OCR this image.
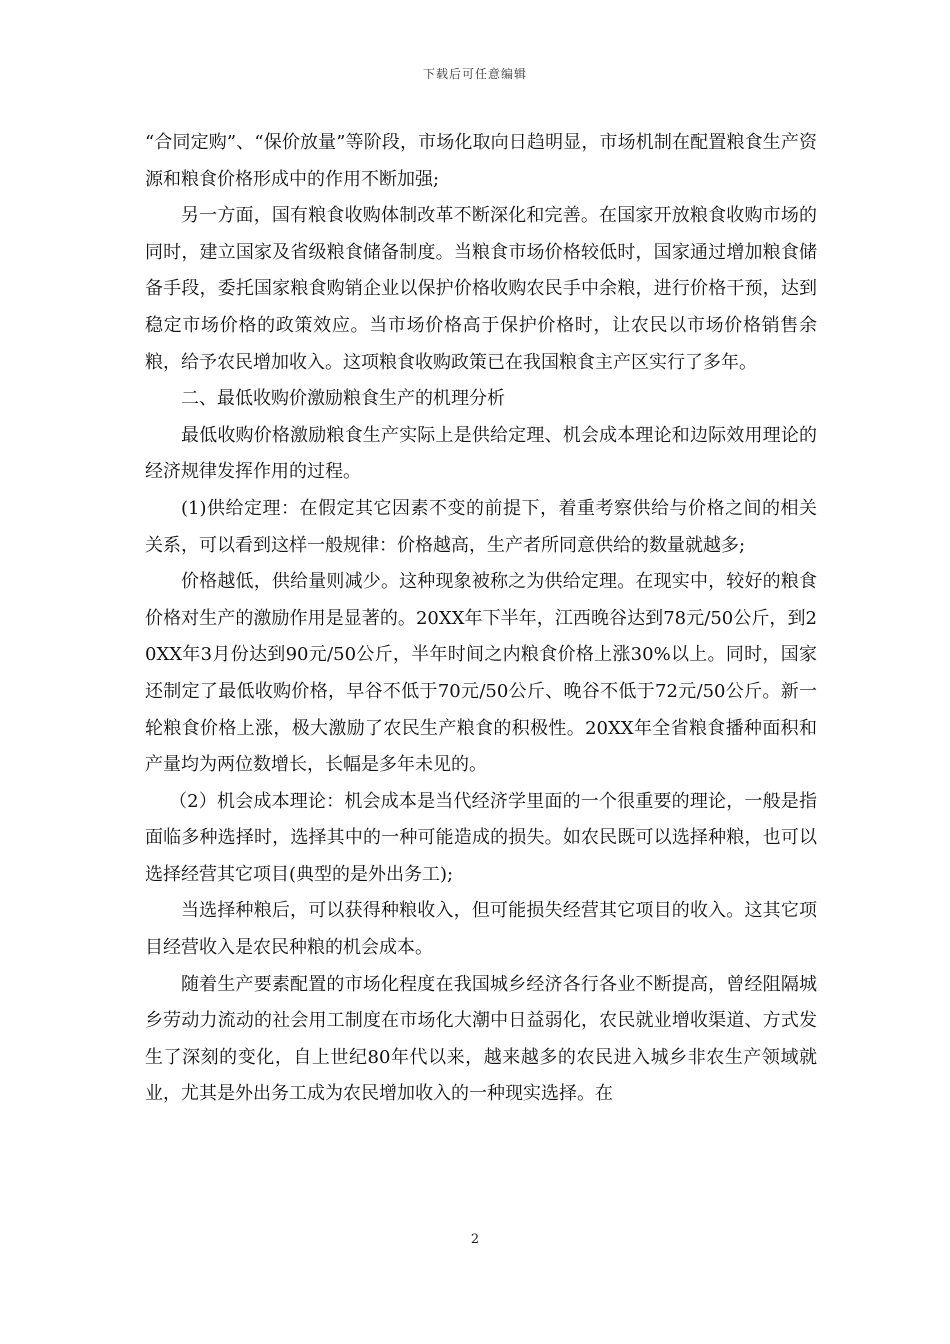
下载后可任意编辑

“合同定购”、“保价放量”等阶段，市场化取向日趋明显，市场机制在配置粮食生产资源和粮食价格形成中的作用不断加强;

另一方面，国有粮食收购体制改革不断深化和完善。在国家开放粮食收购市场的同时，建立国家及省级粮食储备制度。当粮食市场价格较低时，国家通过增加粮食储备手段，委托国家粮食购销企业以保护价格收购农民手中余粮，进行价格干预，达到稳定市场价格的政策效应。当市场价格高于保护价格时，让农民以市场价格销售余粮，给予农民增加收入。这项粮食收购政策已在我国粮食主产区实行了多年。

二、最低收购价激励粮食生产的机理分析

最低收购价格激励粮食生产实际上是供给定理、机会成本理论和边际效用理论的经济规律发挥作用的过程。

(1)供给定理：在假定其它因素不变的前提下，着重考察供给与价格之间的相关关系，可以看到这样一般规律：价格越高，生产者所同意供给的数量就越多;

价格越低，供给量则减少。这种现象被称之为供给定理。在现实中，较好的粮食价格对生产的激励作用是显著的。20XX年下半年，江西晚谷达到78元/50公斤，到20XX年3月份达到90元/50公斤，半年时间之内粮食价格上涨30%以上。同时，国家还制定了最低收购价格，早谷不低于70元/50公斤、晚谷不低于72元/50公斤。新一轮粮食价格上涨，极大激励了农民生产粮食的积极性。20XX年全省粮食播种面积和产量均为两位数增长，长幅是多年未见的。

（2）机会成本理论：机会成本是当代经济学里面的一个很重要的理论，一般是指面临多种选择时，选择其中的一种可能造成的损失。如农民既可以选择种粮，也可以选择经营其它项目(典型的是外出务工);

当选择种粮后，可以获得种粮收入，但可能损失经营其它项目的收入。这其它项目经营收入是农民种粮的机会成本。

随着生产要素配置的市场化程度在我国城乡经济各行各业不断提高，曾经阻隔城乡劳动力流动的社会用工制度在市场化大潮中日益弱化，农民就业增收渠道、方式发生了深刻的变化，自上世纪80年代以来，越来越多的农民进入城乡非农生产领域就业，尤其是外出务工成为农民增加收入的一种现实选择。在

2
